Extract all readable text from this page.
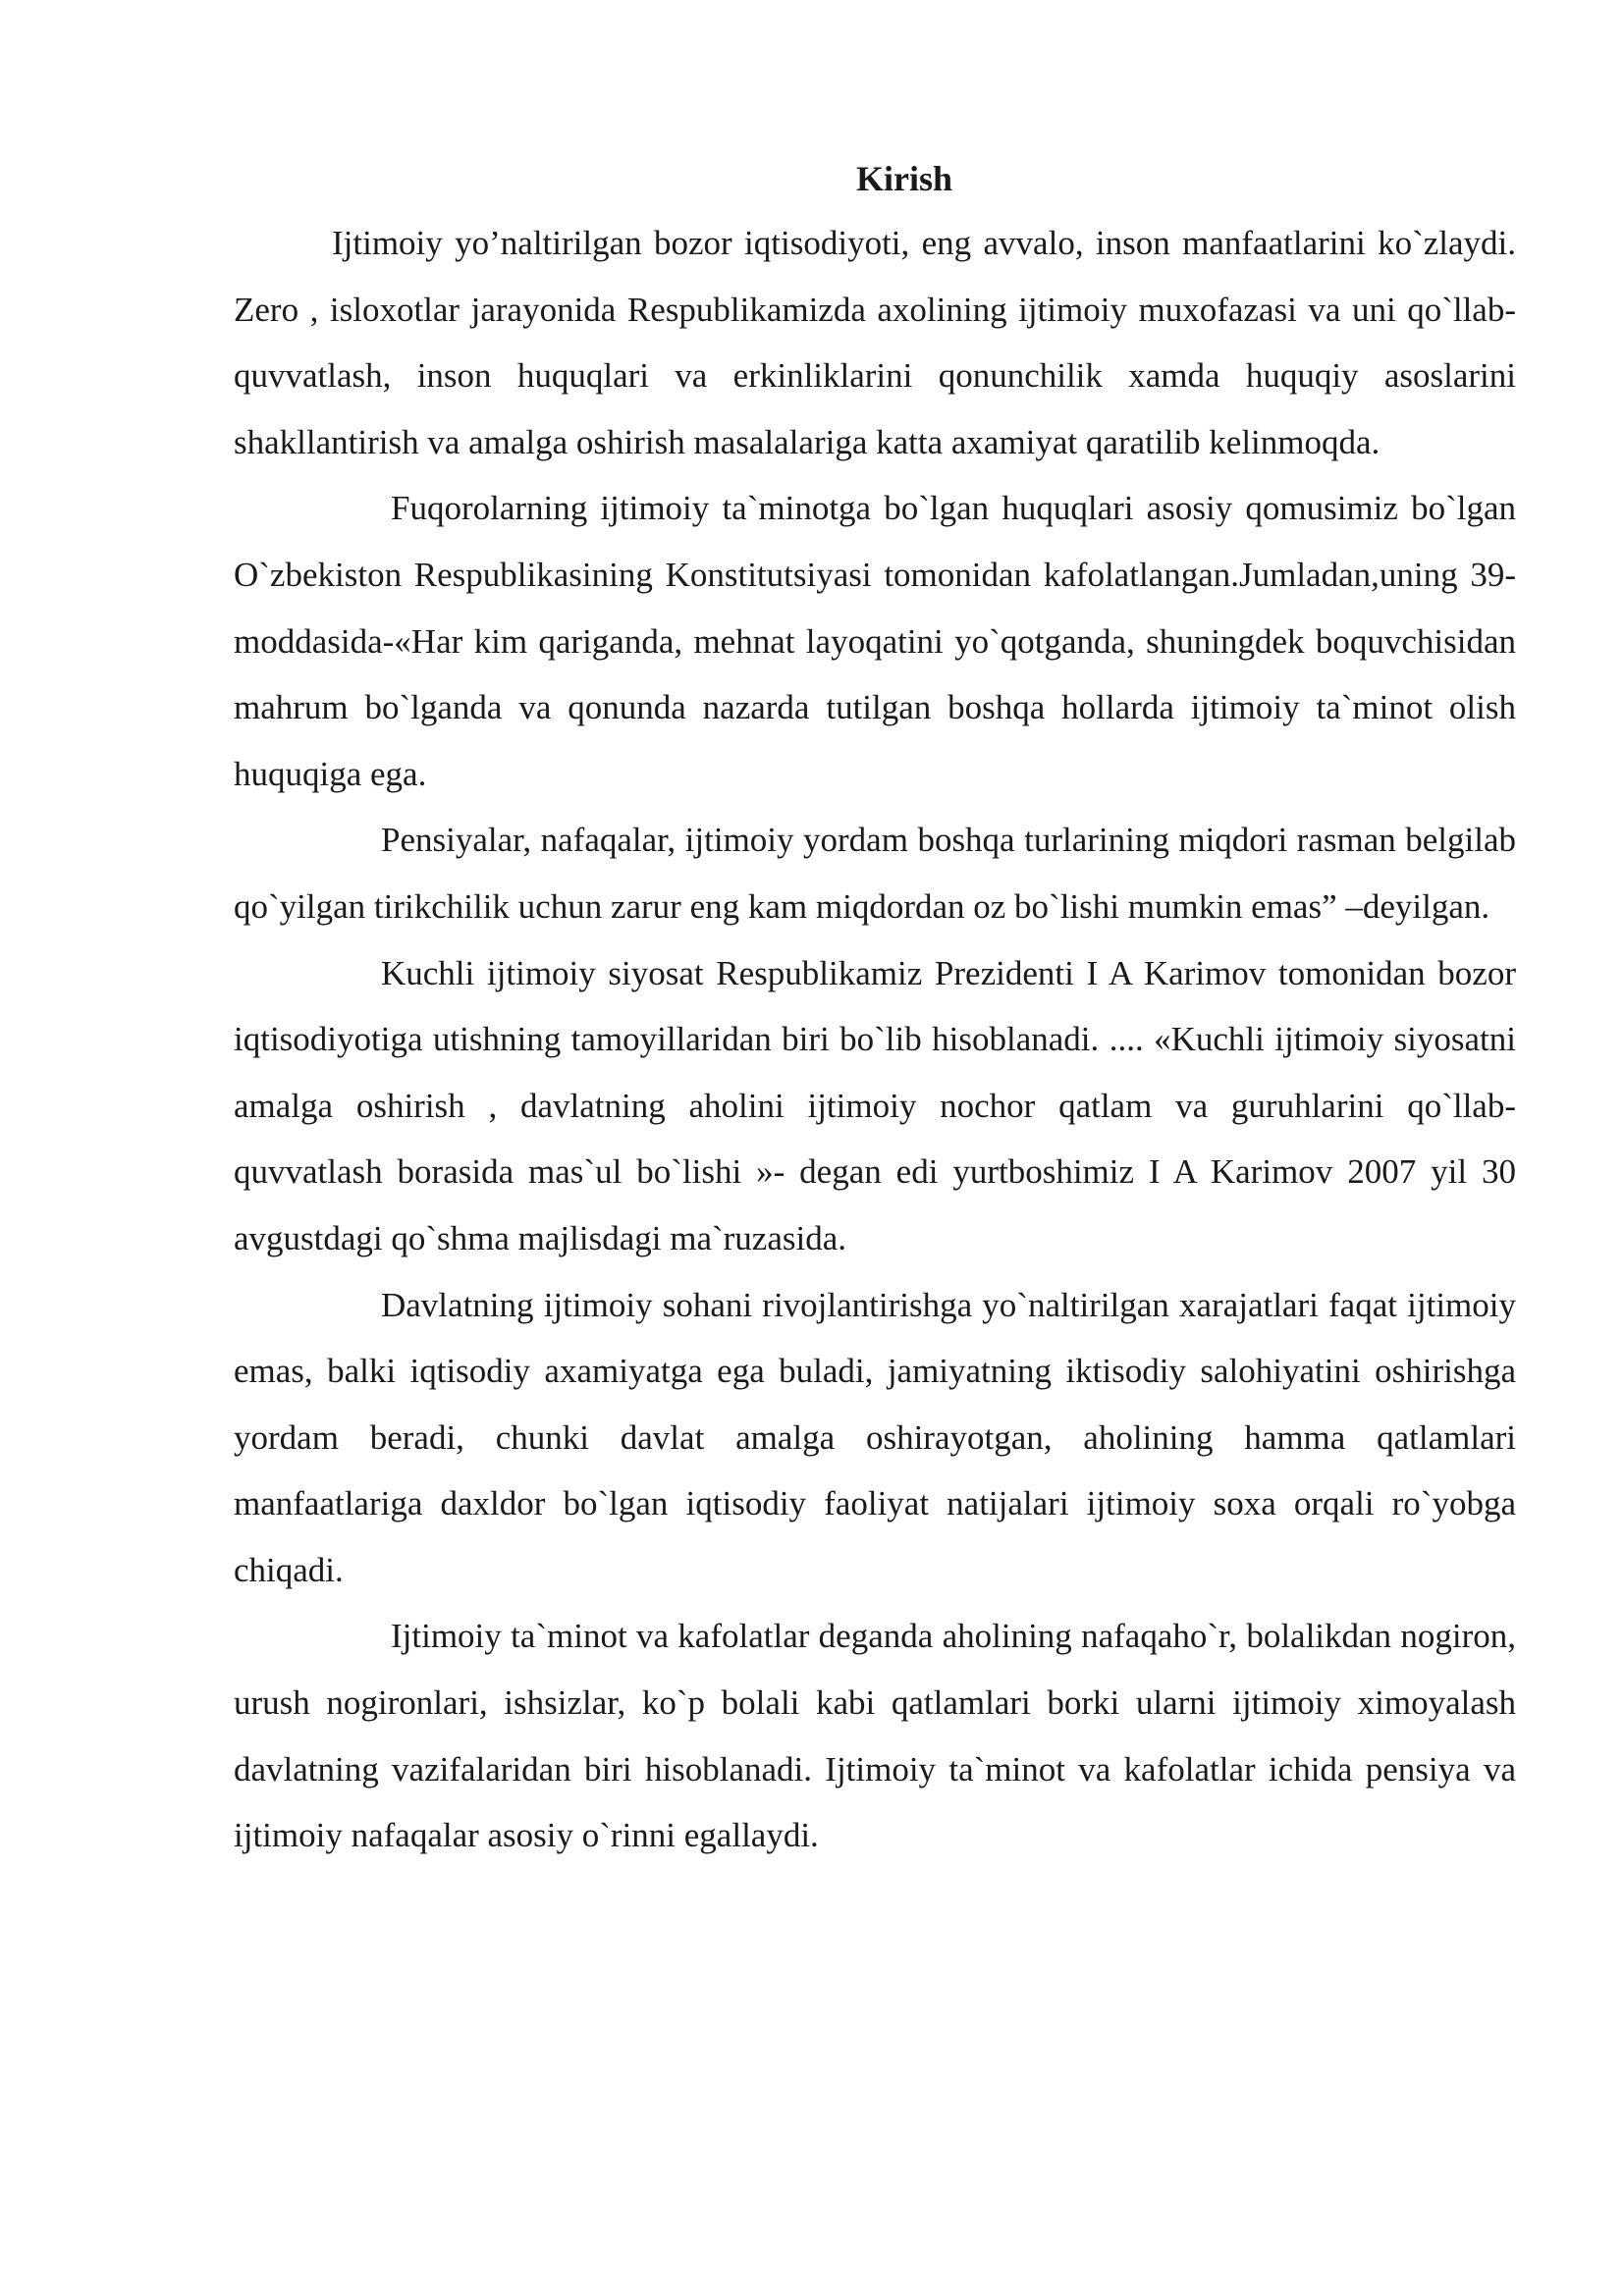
Kirish

Ijtimoiy yo’naltirilgan bozor iqtisodiyoti, eng avvalo, inson manfaatlarini ko`zlaydi. Zero , isloxotlar jarayonida Respublikamizda axolining ijtimoiy muxofazasi va uni qo`llab- quvvatlash, inson huquqlari va erkinliklarini qonunchilik xamda huquqiy asoslarini shakllantirish va amalga oshirish masalalariga katta axamiyat qaratilib kelinmoqda.

Fuqorolarning ijtimoiy ta`minotga bo`lgan huquqlari asosiy qomusimiz bo`lgan O`zbekiston Respublikasining Konstitutsiyasi tomonidan kafolatlangan.Jumladan,uning 39-moddasida-«Har kim qariganda, mehnat layoqatini yo`qotganda, shuningdek boquvchisidan mahrum bo`lganda va qonunda nazarda tutilgan boshqa hollarda ijtimoiy ta`minot olish huquqiga ega.

Pensiyalar, nafaqalar, ijtimoiy yordam boshqa turlarining miqdori rasman belgilab qo`yilgan tirikchilik uchun zarur eng kam miqdordan oz bo`lishi mumkin emas” –deyilgan.

Kuchli ijtimoiy siyosat Respublikamiz Prezidenti I A Karimov tomonidan bozor iqtisodiyotiga utishning tamoyillaridan biri bo`lib hisoblanadi. .... «Kuchli ijtimoiy siyosatni amalga oshirish , davlatning aholini ijtimoiy nochor qatlam va guruhlarini qo`llab-quvvatlash borasida mas`ul bo`lishi »- degan edi yurtboshimiz I A Karimov 2007 yil 30 avgustdagi qo`shma majlisdagi ma`ruzasida.

Davlatning ijtimoiy sohani rivojlantirishga yo`naltirilgan xarajatlari faqat ijtimoiy emas, balki iqtisodiy axamiyatga ega buladi, jamiyatning iktisodiy salohiyatini oshirishga yordam beradi, chunki davlat amalga oshirayotgan, aholining hamma qatlamlari manfaatlariga daxldor bo`lgan iqtisodiy faoliyat natijalari ijtimoiy soxa orqali ro`yobga chiqadi.

Ijtimoiy ta`minot va kafolatlar deganda aholining nafaqaho`r, bolalikdan nogiron, urush nogironlari, ishsizlar, ko`p bolali kabi qatlamlari borki ularni ijtimoiy ximoyalash davlatning vazifalaridan biri hisoblanadi. Ijtimoiy ta`minot va kafolatlar ichida pensiya va ijtimoiy nafaqalar asosiy o`rinni egallaydi.
